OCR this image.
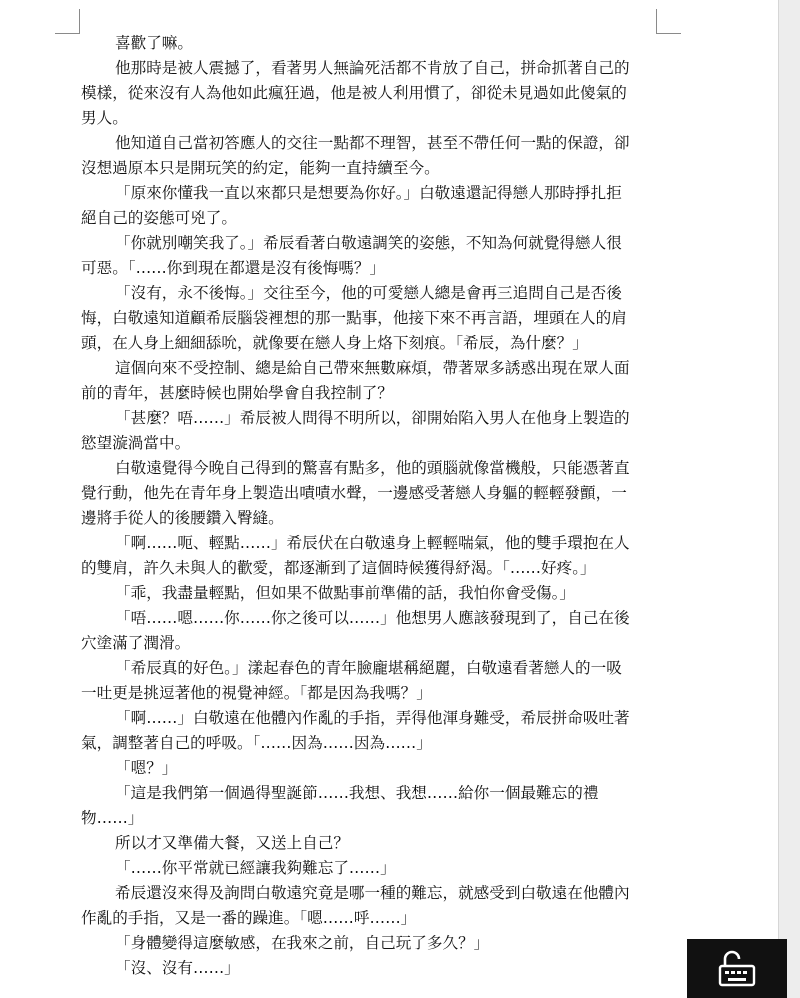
喜歡了嘛。
他那時是被人震撼了，看著男人無論死活都不肯放了自己，拼命抓著自己的
模樣，從來沒有人為他如此瘋狂過，他是被人利用慣了，卻從未見過如此傻氣的
男人。
他知道自己當初答應人的交往一點都不理智，甚至不帶任何一點的保證，卻
沒想過原本只是開玩笑的約定，能夠一直持續至今。
「原來你懂我一直以來都只是想要為你好。」白敬遠還記得戀人那時掙扎拒
絕自己的姿態可兇了。
「你就別嘲笑我了。」希辰看著白敬遠調笑的姿態，不知為何就覺得戀人很
可惡。「……你到現在都還是沒有後悔嗎？」
「沒有，永不後悔。」交往至今，他的可愛戀人總是會再三追問自己是否後
悔，白敬遠知道顧希辰腦袋裡想的那一點事，他接下來不再言語，埋頭在人的肩
頭，在人身上細細舔吮，就像要在戀人身上烙下刻痕。「希辰，為什麼？」
這個向來不受控制、總是給自己帶來無數麻煩，帶著眾多誘惑出現在眾人面
前的青年，甚麼時候也開始學會自我控制了？
「甚麼？唔……」希辰被人問得不明所以，卻開始陷入男人在他身上製造的
慾望漩渦當中。
白敬遠覺得今晚自己得到的驚喜有點多，他的頭腦就像當機般，只能憑著直
覺行動，他先在青年身上製造出嘖嘖水聲，一邊感受著戀人身軀的輕輕發顫，一
邊將手從人的後腰鑽入臀縫。
「啊……呃、輕點……」希辰伏在白敬遠身上輕輕喘氣，他的雙手環抱在人
的雙肩，許久未與人的歡愛，都逐漸到了這個時候獲得紓渴。「……好疼。」
「乖，我盡量輕點，但如果不做點事前準備的話，我怕你會受傷。」
「唔……嗯……你……你之後可以……」他想男人應該發現到了，自己在後
穴塗滿了潤滑。
「希辰真的好色。」漾起春色的青年臉龐堪稱絕麗，白敬遠看著戀人的一吸
一吐更是挑逗著他的視覺神經。「都是因為我嗎？」
「啊……」白敬遠在他體內作亂的手指，弄得他渾身難受，希辰拼命吸吐著
氣，調整著自己的呼吸。「……因為……因為……」
「嗯？」
「這是我們第一個過得聖誕節……我想、我想……給你一個最難忘的禮
物……」
所以才又準備大餐，又送上自己？
「……你平常就已經讓我夠難忘了……」
希辰還沒來得及詢問白敬遠究竟是哪一種的難忘，就感受到白敬遠在他體內
作亂的手指，又是一番的躁進。「嗯……呼……」
「身體變得這麼敏感，在我來之前，自己玩了多久？」
「沒、沒有……」
